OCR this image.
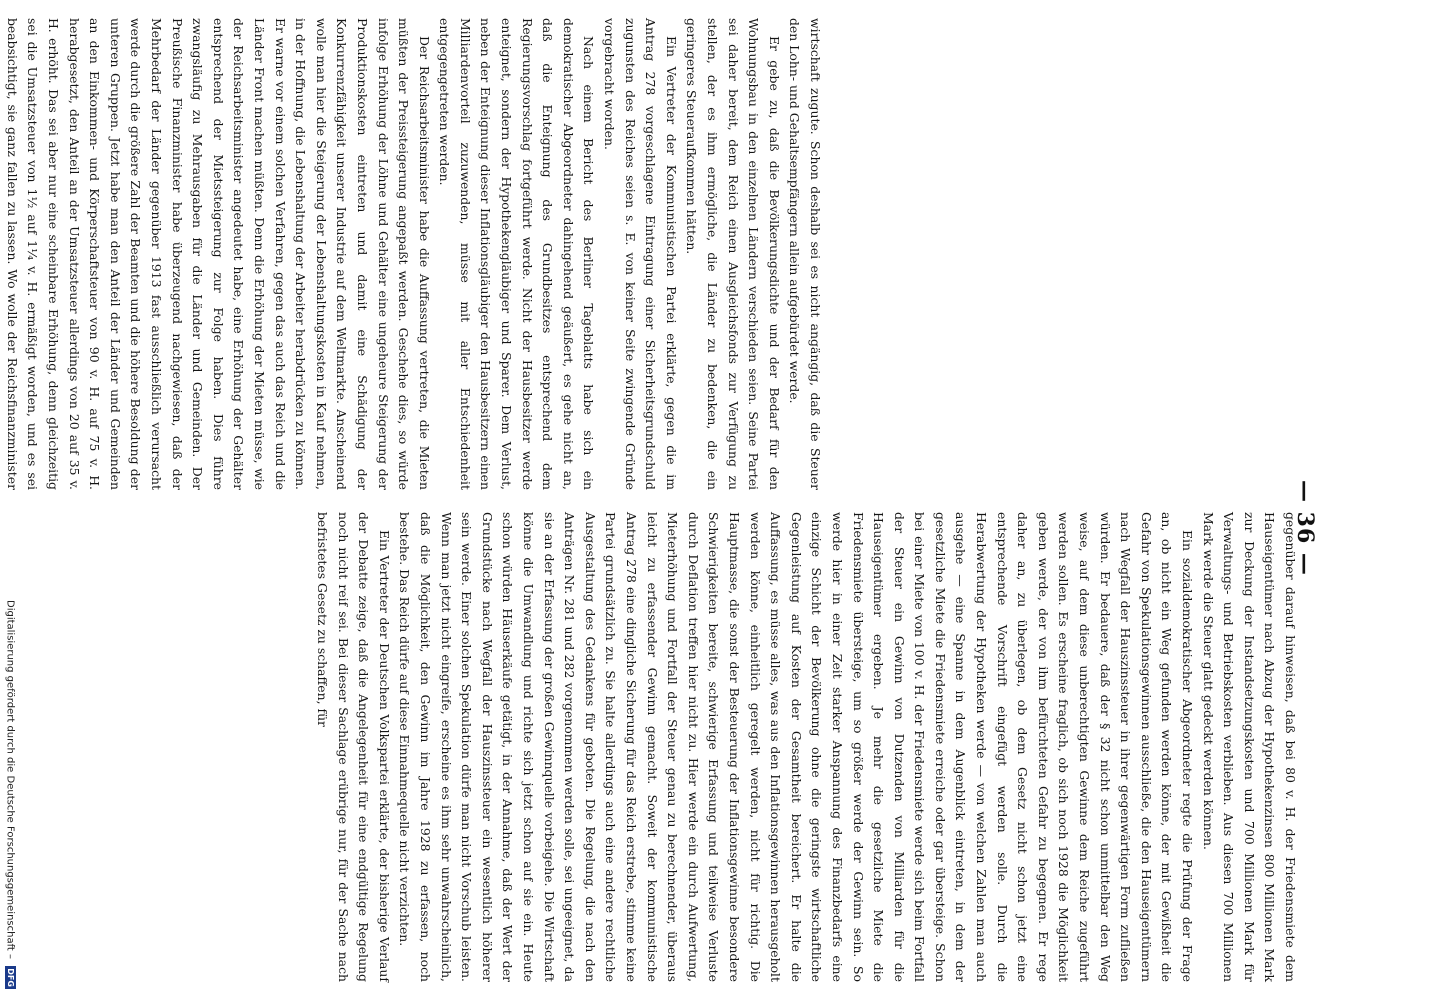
— 36 —

gegenüber darauf hinweisen, daß bei 80 v. H. der Friedensmiete dem Hauseigentümer nach Abzug der Hypothekenzinsen 800 Millionen Mark zur Deckung der Instandsetzungskosten und 700 Millionen Mark für Verwaltungs- und Betriebskosten verblieben. Aus diesen 700 Millionen Mark werde die Steuer glatt gedeckt werden können.

Ein sozialdemokratischer Abgeordneter regte die Prüfung der Frage an, ob nicht ein Weg gefunden werden könne, der mit Gewißheit die Gefahr von Spekulationsgewinnen ausschließe, die den Hauseigentümern nach Wegfall der Hauszinssteuer in ihrer gegenwärtigen Form zufließen würden. Er bedauere, daß der § 32 nicht schon unmittelbar den Weg weise, auf dem diese unberechtigten Gewinne dem Reiche zugeführt werden sollen. Es erscheine fraglich, ob sich noch 1928 die Möglichkeit geben werde, der von ihm befürchteten Gefahr zu begegnen. Er rege daher an, zu überlegen, ob dem Gesetz nicht schon jetzt eine entsprechende Vorschrift eingefügt werden solle. Durch die Herabwertung der Hypotheken werde — von welchen Zahlen man auch ausgehe — eine Spanne in dem Augenblick eintreten, in dem der gesetzliche Miete die Friedensmiete erreiche oder gar übersteige. Schon bei einer Miete von 100 v. H. der Friedensmiete werde sich beim Fortfall der Steuer ein Gewinn von Dutzenden von Milliarden für die Hauseigentümer ergeben. Je mehr die gesetzliche Miete die Friedensmiete übersteige, um so größer werde der Gewinn sein. So werde hier in einer Zeit starker Anspannung des Finanzbedarfs eine einzige Schicht der Bevölkerung ohne die geringste wirtschaftliche Gegenleistung auf Kosten der Gesamtheit bereichert. Er halte die Auffassung, es müsse alles, was aus den Inflationsgewinnen herausgeholt werden könne, einheitlich geregelt werden, nicht für richtig. Die Hauptmasse, die sonst der Besteuerung der Inflationsgewinne besondere Schwierigkeiten bereite, schwierige Erfassung und teilweise Verluste durch Deflation treffen hier nicht zu. Hier werde ein durch Aufwertung, Mieterhöhung und Fortfall der Steuer genau zu berechnender, überaus leicht zu erfassender Gewinn gemacht. Soweit der kommunistische Antrag 278 eine dingliche Sicherung für das Reich erstrebe, stimme keine Partei grundsätzlich zu. Sie halte allerdings auch eine andere rechtliche Ausgestaltung des Gedankens für geboten. Die Regelung, die nach den Anträgen Nr. 281 und 282 vorgenommen werden solle, sei ungeeignet, da sie an der Erfassung der großen Gewinnquelle vorbeigehe. Die Wirtschaft könne die Umwandlung und richte sich jetzt schon auf sie ein. Heute schon würden Häuserkäufe getätigt, in der Annahme, daß der Wert der Grundstücke nach Wegfall der Hauszinssteuer ein wesentlich höherer sein werde. Einer solchen Spekulation dürfe man nicht Vorschub leisten. Wenn man jetzt nicht eingreife, erscheine es ihm sehr unwahrscheinlich, daß die Möglichkeit, den Gewinn im Jahre 1928 zu erfassen, noch bestehe. Das Reich dürfe auf diese Einnahmequelle nicht verzichten.

Ein Vertreter der Deutschen Volkspartei erklärte, der bisherige Verlauf der Debatte zeige, daß die Angelegenheit für eine endgültige Regelung noch nicht reif sei. Bei dieser Sachlage erübrige nur, für der Sache nach befristetes Gesetz zu schaffen, für

wirtschaft zugute. Schon deshalb sei es nicht angängig, daß die Steuer den Lohn- und Gehaltsempfängern allein aufgebürdet werde.

Er gebe zu, daß die Bevölkerungsdichte und der Bedarf für den Wohnungsbau in den einzelnen Ländern verschieden seien. Seine Partei sei daher bereit, dem Reich einen Ausgleichsfonds zur Verfügung zu stellen, der es ihm ermögliche, die Länder zu bedenken, die ein geringeres Steueraufkommen hätten.

Ein Vertreter der Kommunistischen Partei erklärte, gegen die im Antrag 278 vorgeschlagene Eintragung einer Sicherheitsgrundschuld zugunsten des Reiches seien s. E. von keiner Seite zwingende Gründe vorgebracht worden.

Nach einem Bericht des Berliner Tageblatts habe sich ein demokratischer Abgeordneter dahingehend geäußert, es gehe nicht an, daß die Enteignung des Grundbesitzes entsprechend dem Regierungsvorschlag fortgeführt werde. Nicht der Hausbesitzer werde enteignet, sondern der Hypothekengläubiger und Sparer. Dem Verlust, neben der Enteignung dieser Inflationsgläubiger den Hausbesitzern einen Milliardenvorteil zuzuwenden, müsse mit aller Entschiedenheit entgegengetreten werden.

Der Reichsarbeitsminister habe die Auffassung vertreten, die Mieten müßten der Preissteigerung angepaßt werden. Geschehe dies, so würde infolge Erhöhung der Löhne und Gehälter eine ungeheure Steigerung der Produktionskosten eintreten und damit eine Schädigung der Konkurrenzfähigkeit unserer Industrie auf dem Weltmarkte. Anscheinend wolle man hier die Steigerung der Lebenshaltungskosten in Kauf nehmen, in der Hoffnung, die Lebenshaltung der Arbeiter herabdrücken zu können. Er warne vor einem solchen Verfahren, gegen das auch das Reich und die Länder Front machen müßten. Denn die Erhöhung der Mieten müsse, wie der Reichsarbeitsminister angedeutet habe, eine Erhöhung der Gehälter entsprechend der Mietssteigerung zur Folge haben. Dies führe zwangsläufig zu Mehrausgaben für die Länder und Gemeinden. Der Preußische Finanzminister habe überzeugend nachgewiesen, daß der Mehrbedarf der Länder gegenüber 1913 fast ausschließlich verursacht werde durch die größere Zahl der Beamten und die höhere Besoldung der unteren Gruppen. Jetzt habe man den Anteil der Länder und Gemeinden an den Einkommen- und Körperschaftsteuer von 90 v. H. auf 75 v. H. herabgesetzt, den Anteil an der Umsatzsteuer allerdings von 20 auf 35 v. H. erhöht. Das sei aber nur eine scheinbare Erhöhung, denn gleichzeitig sei die Umsatzsteuer von 1½ auf 1¼ v. H. ermäßigt worden, und es sei beabsichtigt, sie ganz fallen zu lassen. Wo wolle der Reichsfinanzminister

Digitalisierung gefördert durch die Deutsche Forschungsgemeinschaft – DFG
